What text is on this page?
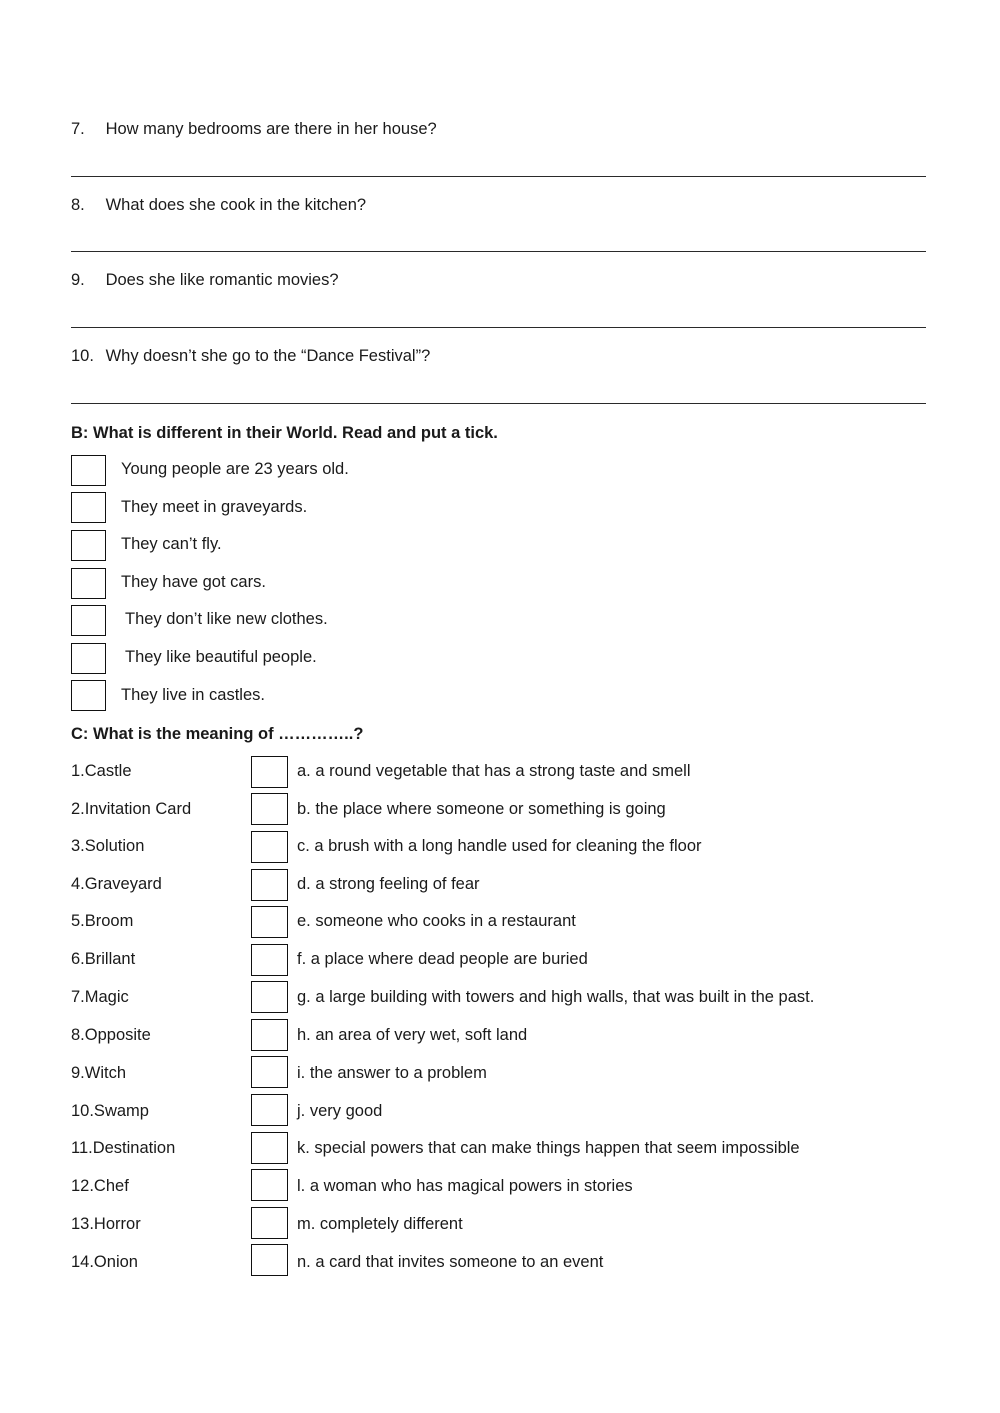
7. How many bedrooms are there in her house?
8. What does she cook in the kitchen?
9. Does she like romantic movies?
10. Why doesn’t she go to the “Dance Festival”?
B: What is different in their World. Read and put a tick.
Young people are 23 years old.
They meet in graveyards.
They can’t fly.
They have got cars.
They don’t like new clothes.
They like beautiful people.
They live in castles.
C: What is the meaning of …………..?
1.Castle	a. a round vegetable that has a strong taste and smell
2.Invitation Card	b. the place where someone or something is going
3.Solution	c. a brush with a long handle used for cleaning the floor
4.Graveyard	d. a strong feeling of fear
5.Broom	e. someone who cooks in a restaurant
6.Brillant	f. a place where dead people are buried
7.Magic	g. a large building with towers and high walls, that was built in the past.
8.Opposite	h. an area of very wet, soft land
9.Witch	i. the answer to a problem
10.Swamp	j. very good
11.Destination	k. special powers that can make things happen that seem impossible
12.Chef	l. a woman who has magical powers in stories
13.Horror	m. completely different
14.Onion	n. a card that invites someone to an event
